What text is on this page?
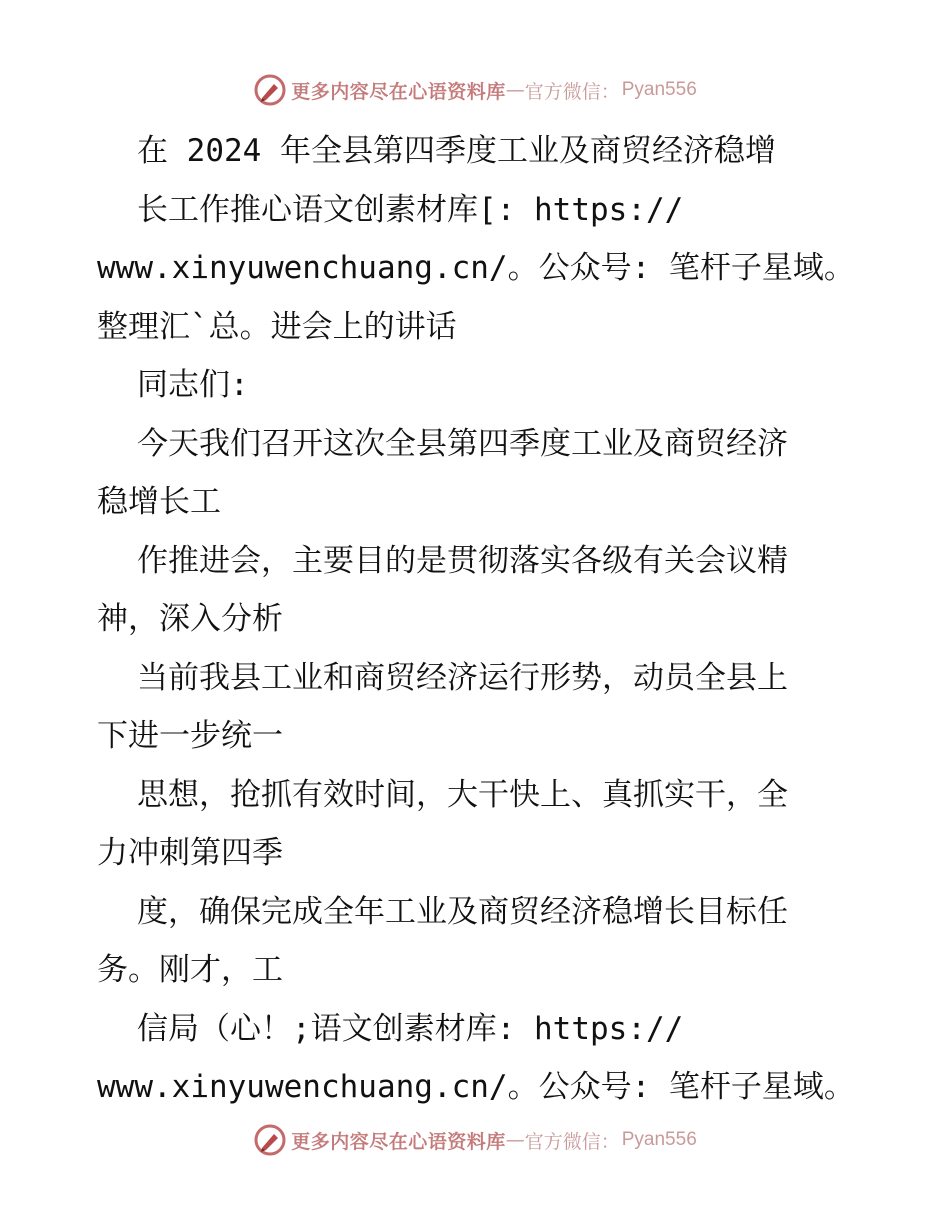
更多内容尽在心语资料库 — 官方微信： Pyan556
在 2024 年全县第四季度工业及商贸经济稳增
长工作推心语文创素材库[: https://
www.xinyuwenchuang.cn/。公众号: 笔杆子星域。
整理汇`总。进会上的讲话
同志们:
今天我们召开这次全县第四季度工业及商贸经济
稳增长工
作推进会，主要目的是贯彻落实各级有关会议精
神，深入分析
当前我县工业和商贸经济运行形势，动员全县上
下进一步统一
思想，抢抓有效时间，大干快上、真抓实干，全
力冲刺第四季
度，确保完成全年工业及商贸经济稳增长目标任
务。刚才，工
信局（心！;语文创素材库: https://
www.xinyuwenchuang.cn/。公众号: 笔杆子星域。
更多内容尽在心语资料库 — 官方微信： Pyan556
